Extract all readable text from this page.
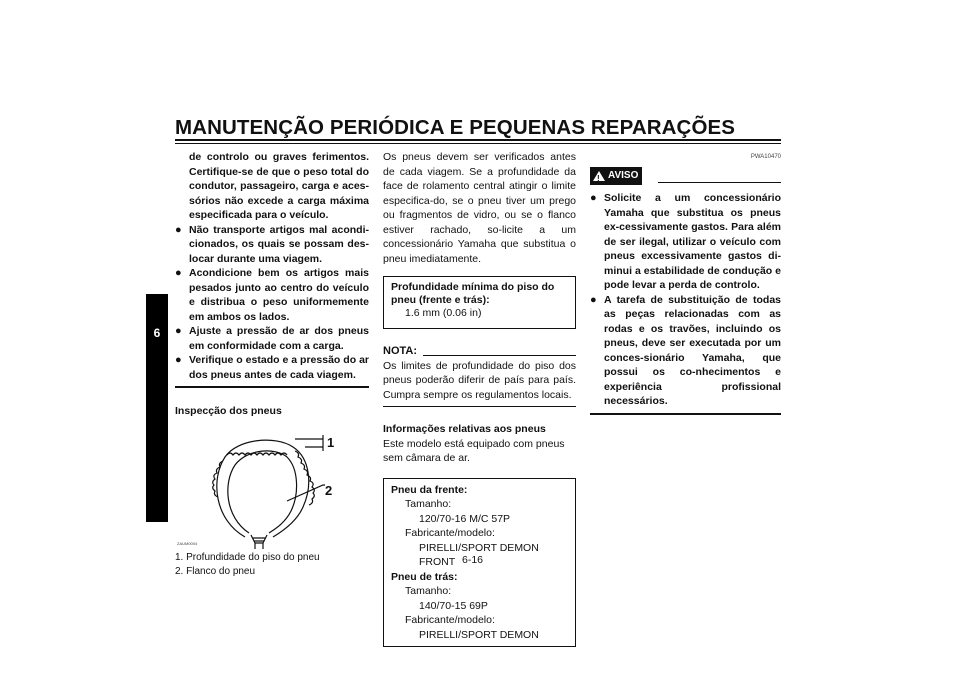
MANUTENÇÃO PERIÓDICA E PEQUENAS REPARAÇÕES
6
de controlo ou graves ferimentos. Certifique-se de que o peso total do condutor, passageiro, carga e aces-sórios não excede a carga máxima especificada para o veículo.
● Não transporte artigos mal acondi-cionados, os quais se possam des-locar durante uma viagem.
● Acondicione bem os artigos mais pesados junto ao centro do veículo e distribua o peso uniformemente em ambos os lados.
● Ajuste a pressão de ar dos pneus em conformidade com a carga.
● Verifique o estado e a pressão do ar dos pneus antes de cada viagem.
Inspecção dos pneus
1
2
ZAUM0004
1. Profundidade do piso do pneu
2. Flanco do pneu
Os pneus devem ser verificados antes de cada viagem. Se a profundidade da face de rolamento central atingir o limite especifica-do, se o pneu tiver um prego ou fragmentos de vidro, ou se o flanco estiver rachado, so-licite a um concessionário Yamaha que substitua o pneu imediatamente.
Profundidade mínima do piso do pneu (frente e trás):
1.6 mm (0.06 in)
NOTA:
Os limites de profundidade do piso dos pneus poderão diferir de país para país. Cumpra sempre os regulamentos locais.
Informações relativas aos pneus
Este modelo está equipado com pneus sem câmara de ar.
Pneu da frente:
Tamanho:
120/70-16 M/C 57P
Fabricante/modelo:
PIRELLI/SPORT DEMON FRONT
Pneu de trás:
Tamanho:
140/70-15 69P
Fabricante/modelo:
PIRELLI/SPORT DEMON
PWA10470
! AVISO
● Solicite a um concessionário Yamaha que substitua os pneus ex-cessivamente gastos. Para além de ser ilegal, utilizar o veículo com pneus excessivamente gastos di-minui a estabilidade de condução e pode levar a perda de controlo.
● A tarefa de substituição de todas as peças relacionadas com as rodas e os travões, incluindo os pneus, deve ser executada por um conces-sionário Yamaha, que possui os co-nhecimentos e experiência profissional necessários.
6-16
